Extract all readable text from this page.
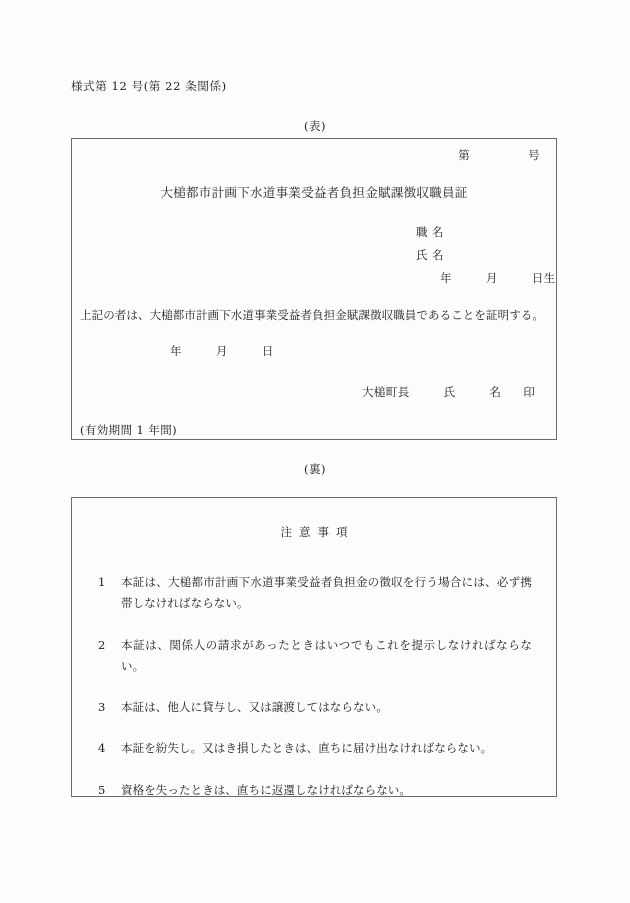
様式第 12 号(第 22 条関係)
(表)
第	号
大槌都市計画下水道事業受益者負担金賦課徴収職員証
職 名
氏 名
年	月	日生
上記の者は、大槌都市計画下水道事業受益者負担金賦課徴収職員であることを証明する。
年	月	日
大槌町長	氏	名 印
(有効期間 1 年間)
(裏)
注意事項
1 本証は、大槌都市計画下水道事業受益者負担金の徴収を行う場合には、必ず携帯しなければならない。
2 本証は、関係人の請求があったときはいつでもこれを提示しなければならない。
3 本証は、他人に貸与し、又は譲渡してはならない。
4 本証を紛失し。又はき損したときは、直ちに届け出なければならない。
5 資格を失ったときは、直ちに返還しなければならない。
